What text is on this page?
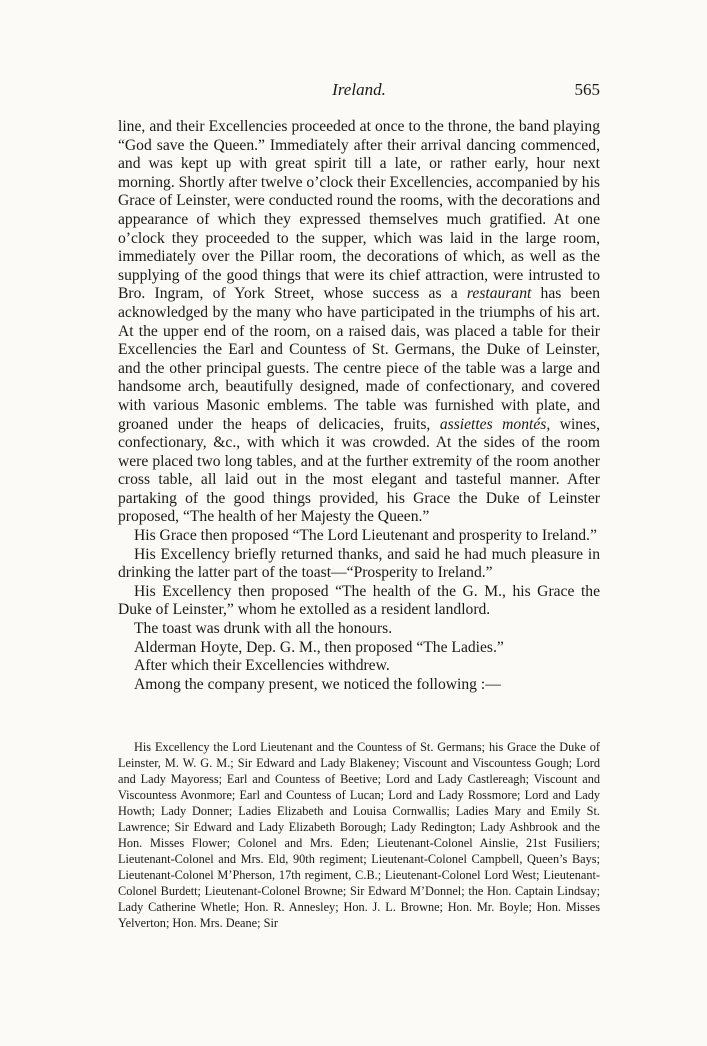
Ireland.	565

line, and their Excellencies proceeded at once to the throne, the band playing “God save the Queen.” Immediately after their arrival dancing commenced, and was kept up with great spirit till a late, or rather early, hour next morning. Shortly after twelve o’clock their Excellencies, accompanied by his Grace of Leinster, were conducted round the rooms, with the decorations and appearance of which they expressed themselves much gratified. At one o’clock they proceeded to the supper, which was laid in the large room, immediately over the Pillar room, the decorations of which, as well as the supplying of the good things that were its chief attraction, were intrusted to Bro. Ingram, of York Street, whose success as a restaurant has been acknowledged by the many who have participated in the triumphs of his art. At the upper end of the room, on a raised dais, was placed a table for their Excellencies the Earl and Countess of St. Germans, the Duke of Leinster, and the other principal guests. The centre piece of the table was a large and handsome arch, beautifully designed, made of confectionary, and covered with various Masonic emblems. The table was furnished with plate, and groaned under the heaps of delicacies, fruits, assiettes montés, wines, confectionary, &c., with which it was crowded. At the sides of the room were placed two long tables, and at the further extremity of the room another cross table, all laid out in the most elegant and tasteful manner. After partaking of the good things provided, his Grace the Duke of Leinster proposed, “The health of her Majesty the Queen.”

His Grace then proposed “The Lord Lieutenant and prosperity to Ireland.”

His Excellency briefly returned thanks, and said he had much pleasure in drinking the latter part of the toast—“Prosperity to Ireland.”

His Excellency then proposed “The health of the G. M., his Grace the Duke of Leinster,” whom he extolled as a resident landlord.

The toast was drunk with all the honours.

Alderman Hoyte, Dep. G. M., then proposed “The Ladies.”

After which their Excellencies withdrew.

Among the company present, we noticed the following :—

His Excellency the Lord Lieutenant and the Countess of St. Germans; his Grace the Duke of Leinster, M. W. G. M.; Sir Edward and Lady Blakeney; Viscount and Viscountess Gough; Lord and Lady Mayoress; Earl and Countess of Beetive; Lord and Lady Castlereagh; Viscount and Viscountess Avonmore; Earl and Countess of Lucan; Lord and Lady Rossmore; Lord and Lady Howth; Lady Donner; Ladies Elizabeth and Louisa Cornwallis; Ladies Mary and Emily St. Lawrence; Sir Edward and Lady Elizabeth Borough; Lady Redington; Lady Ashbrook and the Hon. Misses Flower; Colonel and Mrs. Eden; Lieutenant-Colonel Ainslie, 21st Fusiliers; Lieutenant-Colonel and Mrs. Eld, 90th regiment; Lieutenant-Colonel Campbell, Queen’s Bays; Lieutenant-Colonel M’Pherson, 17th regiment, C.B.; Lieutenant-Colonel Lord West; Lieutenant-Colonel Burdett; Lieutenant-Colonel Browne; Sir Edward M’Donnel; the Hon. Captain Lindsay; Lady Catherine Whetle; Hon. R. Annesley; Hon. J. L. Browne; Hon. Mr. Boyle; Hon. Misses Yelverton; Hon. Mrs. Deane; Sir
